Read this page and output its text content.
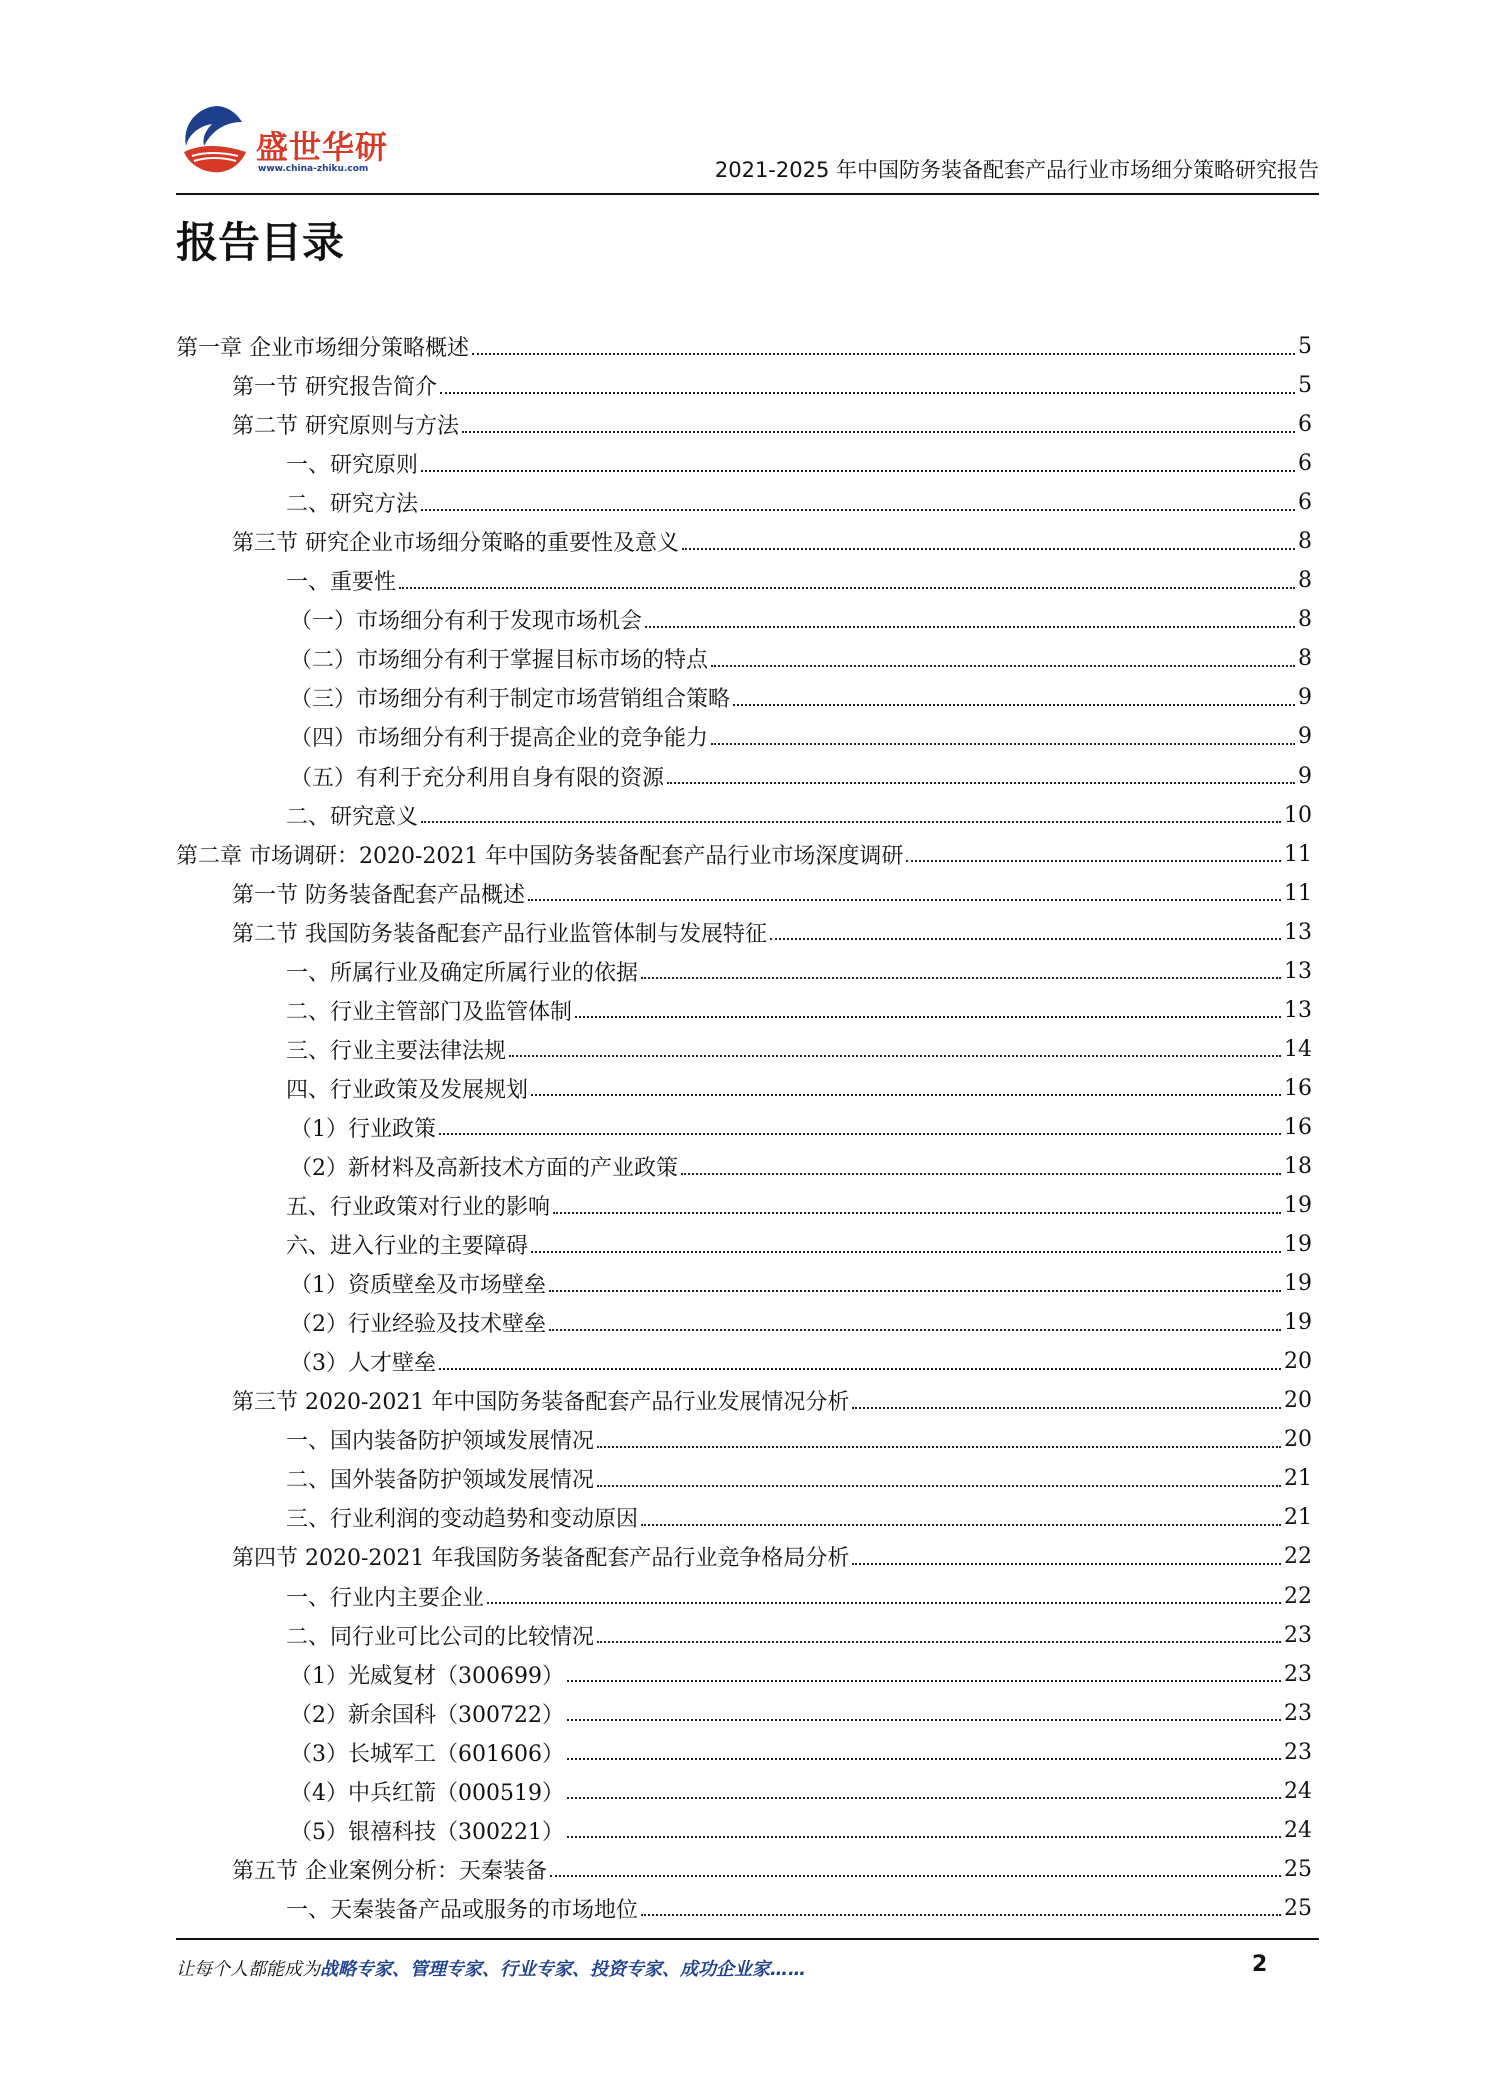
盛世华研
www.china-zhiku.com	2021-2025 年中国防务装备配套产品行业市场细分策略研究报告
报告目录
第一章 企业市场细分策略概述	5
第一节 研究报告简介	5
第二节 研究原则与方法	6
一、研究原则	6
二、研究方法	6
第三节 研究企业市场细分策略的重要性及意义	8
一、重要性	8
（一）市场细分有利于发现市场机会	8
（二）市场细分有利于掌握目标市场的特点	8
（三）市场细分有利于制定市场营销组合策略	9
（四）市场细分有利于提高企业的竞争能力	9
（五）有利于充分利用自身有限的资源	9
二、研究意义	10
第二章 市场调研：2020-2021 年中国防务装备配套产品行业市场深度调研	11
第一节 防务装备配套产品概述	11
第二节 我国防务装备配套产品行业监管体制与发展特征	13
一、所属行业及确定所属行业的依据	13
二、行业主管部门及监管体制	13
三、行业主要法律法规	14
四、行业政策及发展规划	16
（1）行业政策	16
（2）新材料及高新技术方面的产业政策	18
五、行业政策对行业的影响	19
六、进入行业的主要障碍	19
（1）资质壁垒及市场壁垒	19
（2）行业经验及技术壁垒	19
（3）人才壁垒	20
第三节 2020-2021 年中国防务装备配套产品行业发展情况分析	20
一、国内装备防护领域发展情况	20
二、国外装备防护领域发展情况	21
三、行业利润的变动趋势和变动原因	21
第四节 2020-2021 年我国防务装备配套产品行业竞争格局分析	22
一、行业内主要企业	22
二、同行业可比公司的比较情况	23
（1）光威复材（300699）	23
（2）新余国科（300722）	23
（3）长城军工（601606）	23
（4）中兵红箭（000519）	24
（5）银禧科技（300221）	24
第五节 企业案例分析：天秦装备	25
一、天秦装备产品或服务的市场地位	25
让每个人都能成为战略专家、管理专家、行业专家、投资专家、成功企业家……	2
